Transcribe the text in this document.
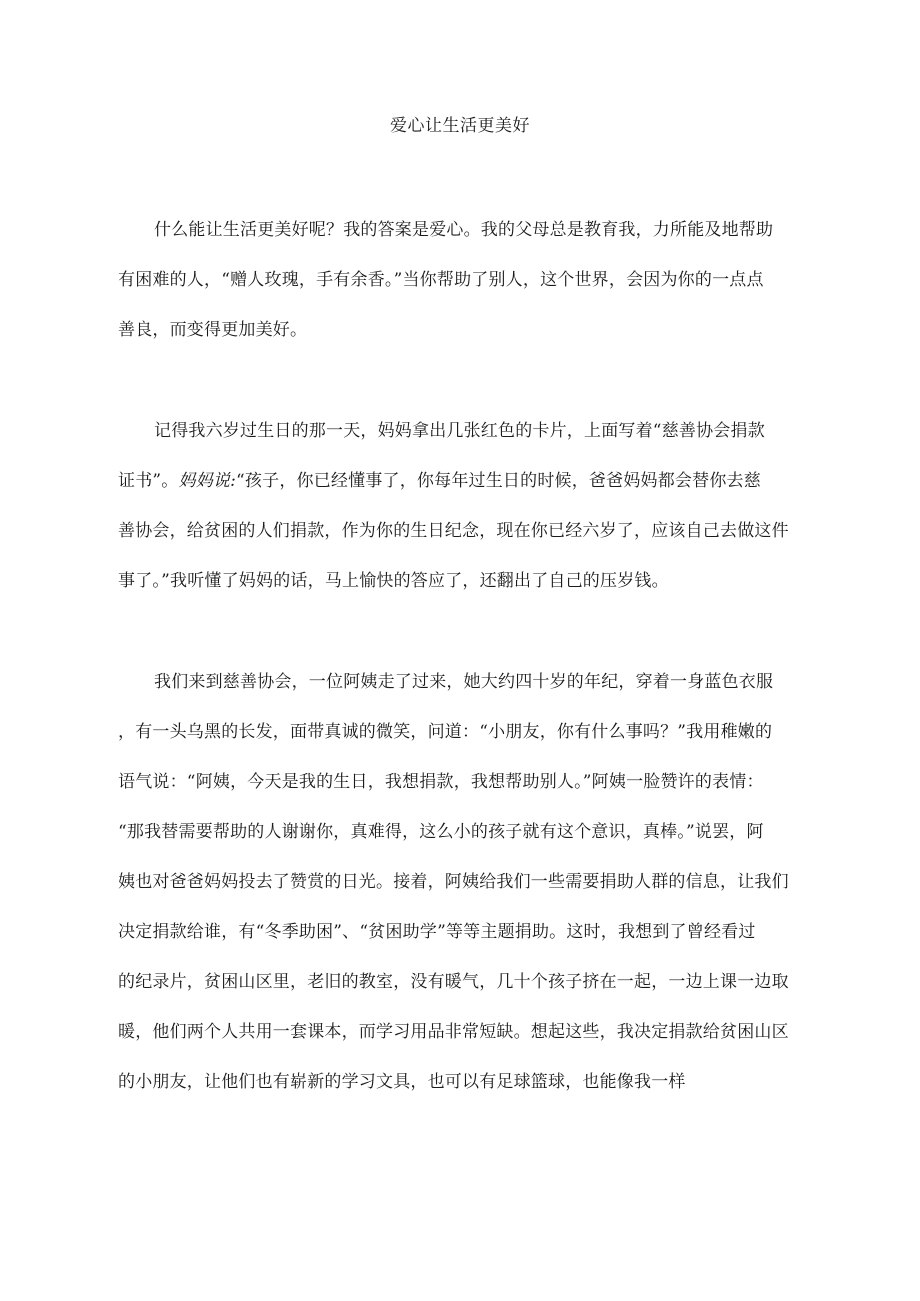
爱心让生活更美好
什么能让生活更美好呢？我的答案是爱心。我的父母总是教育我，力所能及地帮助
有困难的人，“赠人玫瑰，手有余香。”当你帮助了别人，这个世界，会因为你的一点点
善良，而变得更加美好。
记得我六岁过生日的那一天，妈妈拿出几张红色的卡片，上面写着“慈善协会捐款
证书”。妈妈说:“孩子，你已经懂事了，你每年过生日的时候，爸爸妈妈都会替你去慈
善协会，给贫困的人们捐款，作为你的生日纪念，现在你已经六岁了，应该自己去做这件
事了。”我听懂了妈妈的话，马上愉快的答应了，还翻出了自己的压岁钱。
我们来到慈善协会，一位阿姨走了过来，她大约四十岁的年纪，穿着一身蓝色衣服
，有一头乌黑的长发，面带真诚的微笑，问道：“小朋友，你有什么事吗？”我用稚嫩的
语气说：“阿姨，今天是我的生日，我想捐款，我想帮助别人。”阿姨一脸赞许的表情：
“那我替需要帮助的人谢谢你，真难得，这么小的孩子就有这个意识，真棒。”说罢，阿
姨也对爸爸妈妈投去了赞赏的日光。接着，阿姨给我们一些需要捐助人群的信息，让我们
决定捐款给谁，有“冬季助困”、“贫困助学”等等主题捐助。这时，我想到了曾经看过
的纪录片，贫困山区里，老旧的教室，没有暖气，几十个孩子挤在一起，一边上课一边取
暖，他们两个人共用一套课本，而学习用品非常短缺。想起这些，我决定捐款给贫困山区
的小朋友，让他们也有崭新的学习文具，也可以有足球篮球，也能像我一样
